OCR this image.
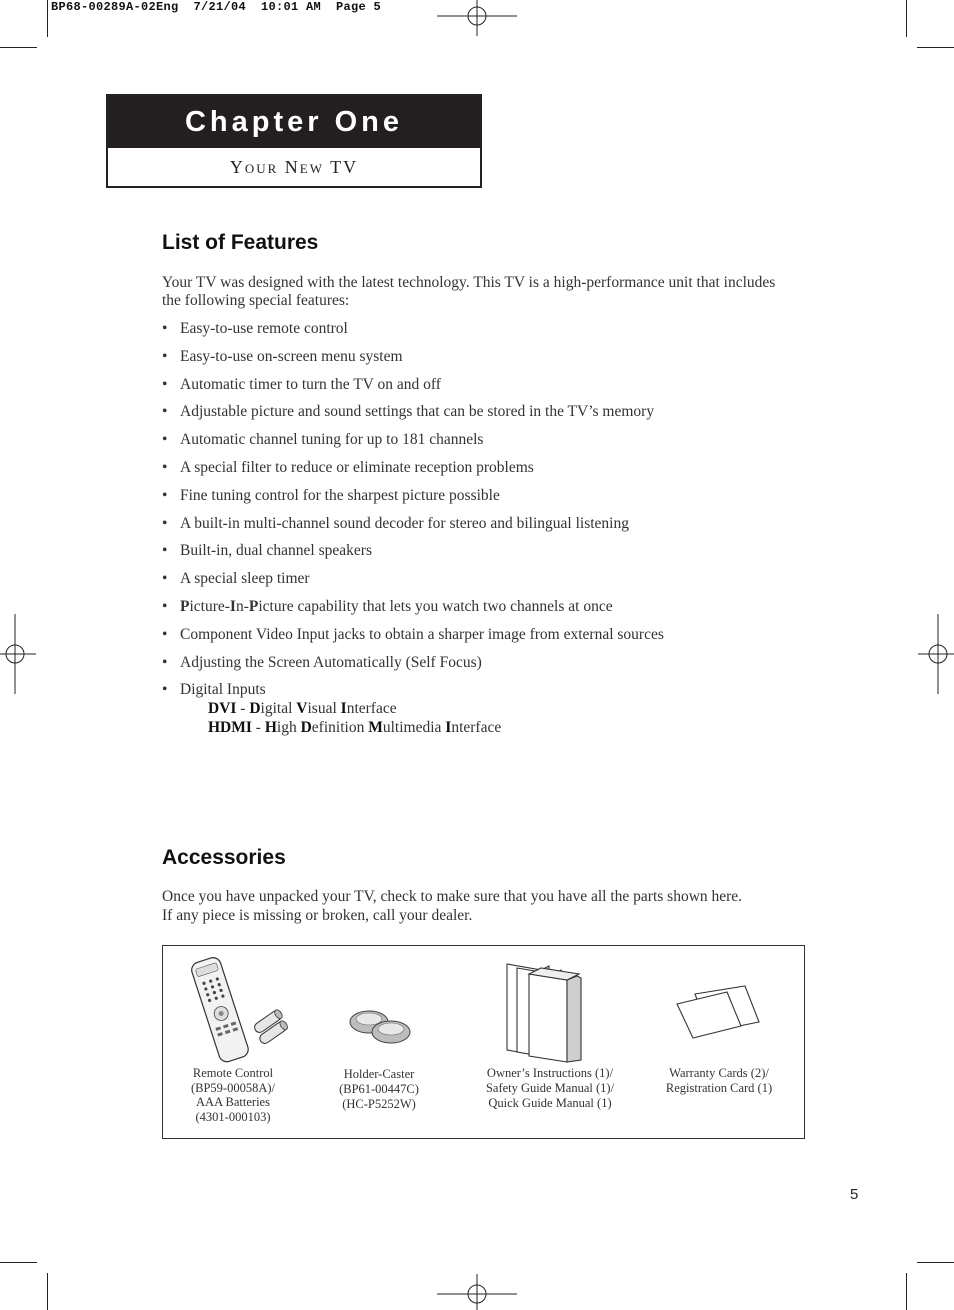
BP68-00289A-02Eng  7/21/04  10:01 AM  Page 5
Chapter One
Your New TV
List of Features
Your TV was designed with the latest technology. This TV is a high-performance unit that includes the following special features:
• Easy-to-use remote control
• Easy-to-use on-screen menu system
• Automatic timer to turn the TV on and off
• Adjustable picture and sound settings that can be stored in the TV’s memory
• Automatic channel tuning for up to 181 channels
• A special filter to reduce or eliminate reception problems
• Fine tuning control for the sharpest picture possible
• A built-in multi-channel sound decoder for stereo and bilingual listening
• Built-in, dual channel speakers
• A special sleep timer
• Picture-In-Picture capability that lets you watch two channels at once
• Component Video Input jacks to obtain a sharper image from external sources
• Adjusting the Screen Automatically (Self Focus)
• Digital Inputs
DVI - Digital Visual Interface
HDMI - High Definition Multimedia Interface
Accessories
Once you have unpacked your TV, check to make sure that you have all the parts shown here.
If any piece is missing or broken, call your dealer.
Remote Control
(BP59-00058A)/
AAA Batteries
(4301-000103)
Holder-Caster
(BP61-00447C)
(HC-P5252W)
Owner’s Instructions (1)/
Safety Guide Manual (1)/
Quick Guide Manual (1)
Warranty Cards (2)/
Registration Card (1)
5
